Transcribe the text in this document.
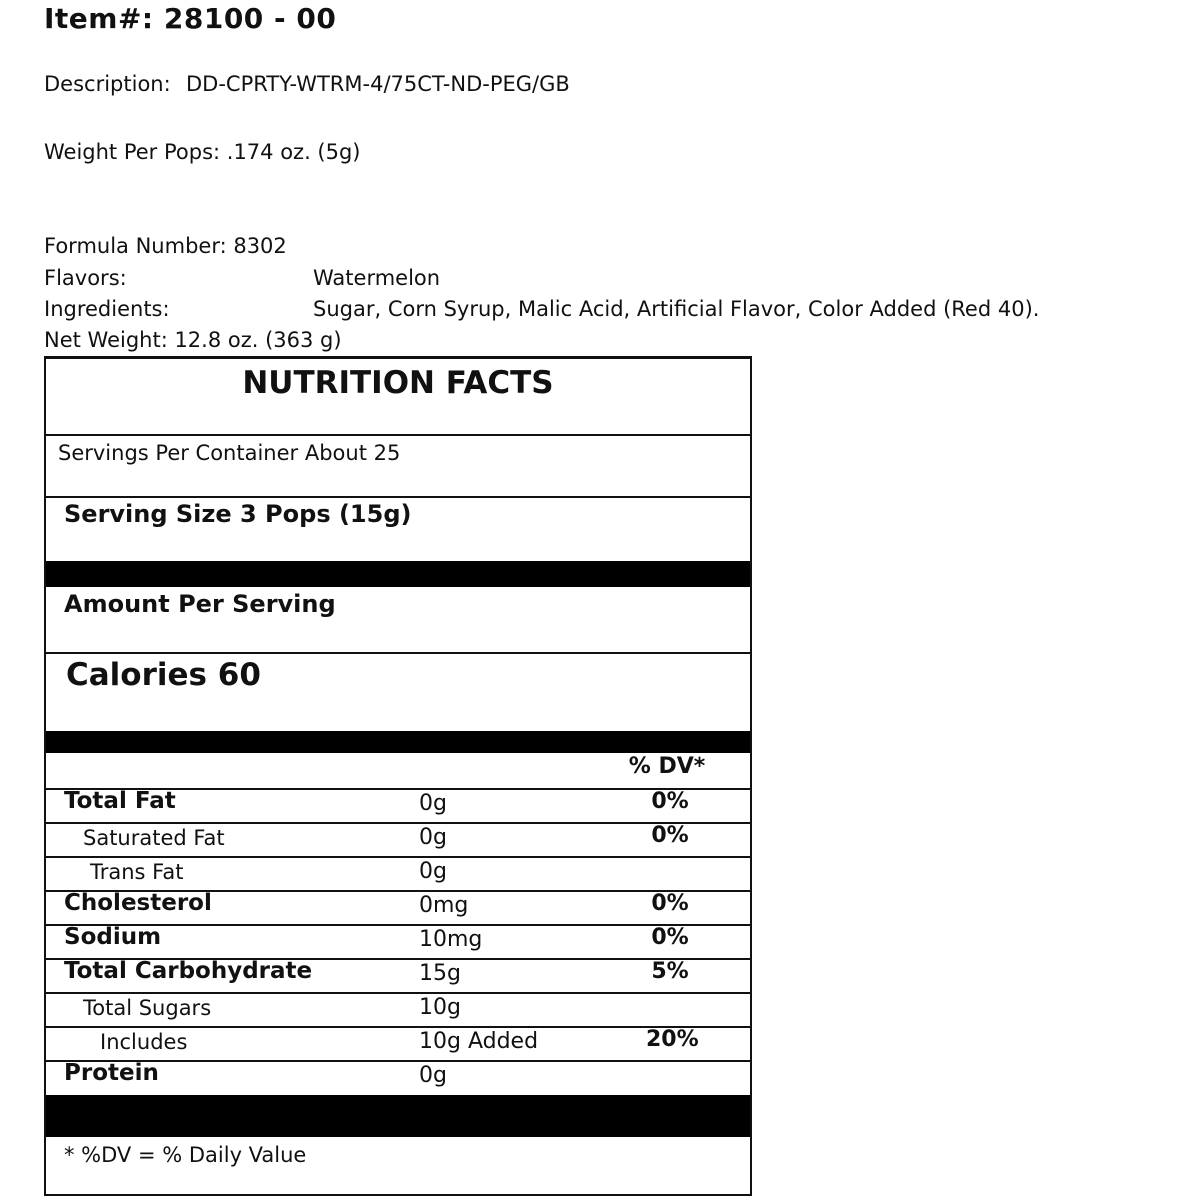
Item#: 28100 - 00
Description: DD-CPRTY-WTRM-4/75CT-ND-PEG/GB
Weight Per Pops: .174 oz. (5g)
Formula Number: 8302
Flavors:	Watermelon
Ingredients:	Sugar, Corn Syrup, Malic Acid, Artificial Flavor, Color Added (Red 40).
Net Weight: 12.8 oz. (363 g)
NUTRITION FACTS
Servings Per Container About 25
Serving Size 3 Pops (15g)
Amount Per Serving
Calories 60
% DV*
Total Fat	0g	0%
Saturated Fat	0g	0%
Trans Fat	0g
Cholesterol	0mg	0%
Sodium	10mg	0%
Total Carbohydrate	15g	5%
Total Sugars	10g
Includes	10g Added	20%
Protein	0g
* %DV = % Daily Value
